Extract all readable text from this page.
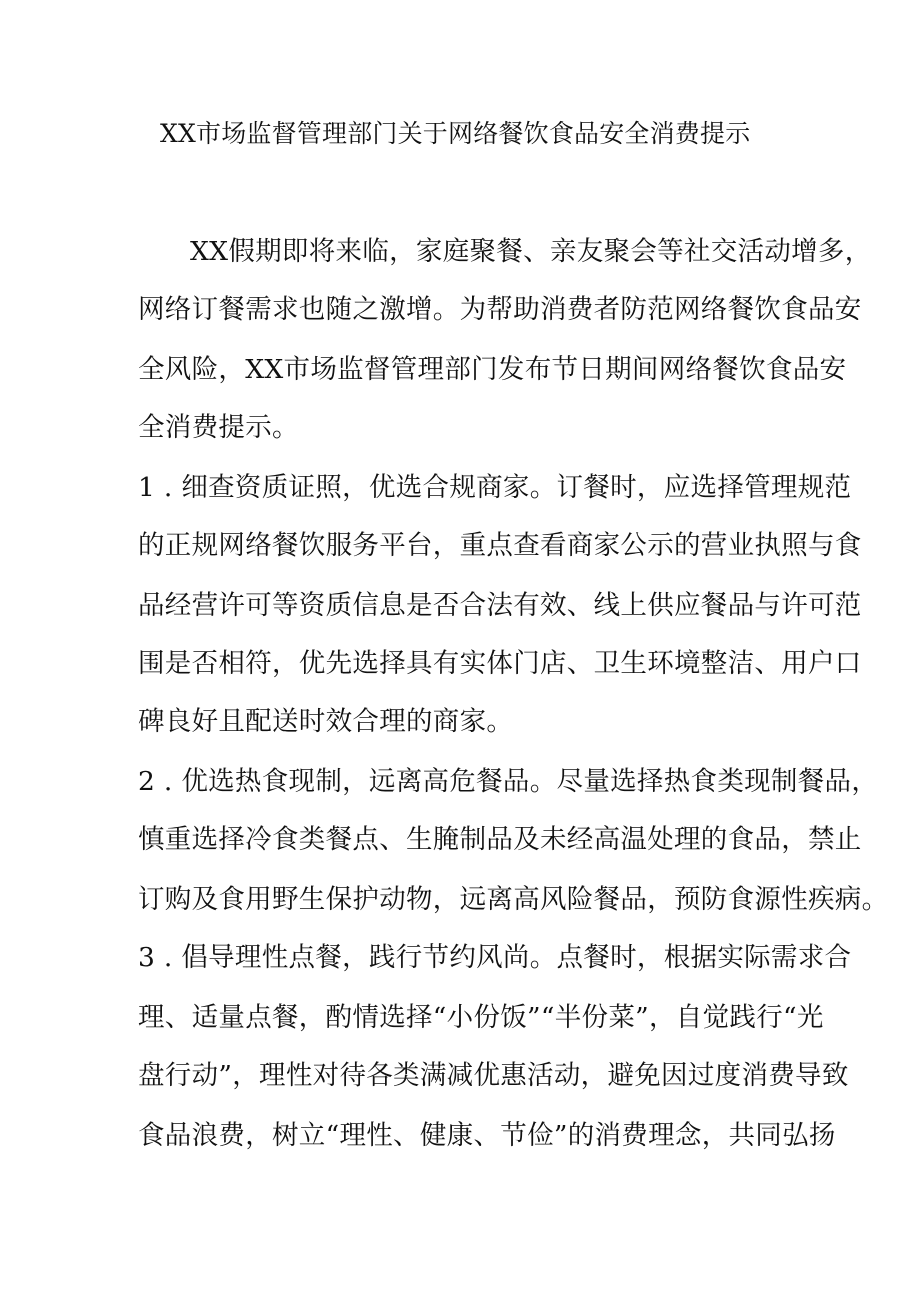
XX市场监督管理部门关于网络餐饮食品安全消费提示
XX假期即将来临，家庭聚餐、亲友聚会等社交活动增多，
网络订餐需求也随之激增。为帮助消费者防范网络餐饮食品安
全风险，XX市场监督管理部门发布节日期间网络餐饮食品安
全消费提示。
1 . 细查资质证照，优选合规商家。订餐时，应选择管理规范
的正规网络餐饮服务平台，重点查看商家公示的营业执照与食
品经营许可等资质信息是否合法有效、线上供应餐品与许可范
围是否相符，优先选择具有实体门店、卫生环境整洁、用户口
碑良好且配送时效合理的商家。
2 . 优选热食现制，远离高危餐品。尽量选择热食类现制餐品，
慎重选择冷食类餐点、生腌制品及未经高温处理的食品，禁止
订购及食用野生保护动物，远离高风险餐品，预防食源性疾病。
3 . 倡导理性点餐，践行节约风尚。点餐时，根据实际需求合
理、适量点餐，酌情选择“小份饭”“半份菜”，自觉践行“光
盘行动”，理性对待各类满减优惠活动，避免因过度消费导致
食品浪费，树立“理性、健康、节俭”的消费理念，共同弘扬
